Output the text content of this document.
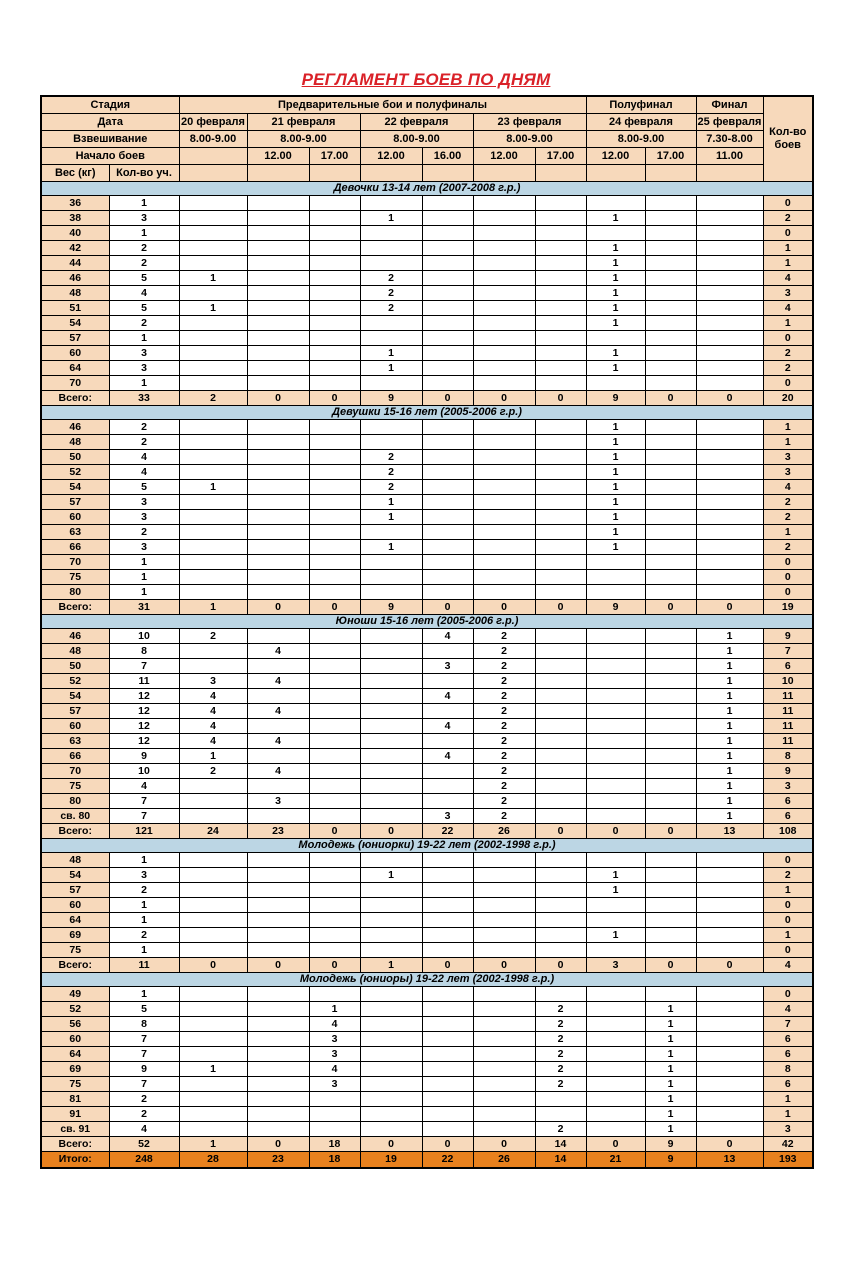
РЕГЛАМЕНТ БОЕВ ПО ДНЯМ
Стадия		Предварительные бои и полуфиналы							Полуфинал		Финал	Кол-во боев
Дата		20 февраля	21 февраля		22 февраля		23 февраля		24 февраля		25 февраля	
Взвешивание		8.00-9.00	8.00-9.00		8.00-9.00		8.00-9.00		8.00-9.00		7.30-8.00	
Начало боев			12.00	17.00	12.00	16.00	12.00	17.00	12.00	17.00	11.00	
Вес (кг)	Кол-во уч.											
Девочки 13-14 лет (2007-2008 г.р.)												
36	1											0
38	3				1				1			2
40	1											0
42	2								1			1
44	2								1			1
46	5	1			2				1			4
48	4				2				1			3
51	5	1			2				1			4
54	2								1			1
57	1											0
60	3				1				1			2
64	3				1				1			2
70	1											0
Всего:	33	2	0	0	9	0	0	0	9	0	0	20
Девушки 15-16 лет (2005-2006 г.р.)												
46	2								1			1
48	2								1			1
50	4				2				1			3
52	4				2				1			3
54	5	1			2				1			4
57	3				1				1			2
60	3				1				1			2
63	2								1			1
66	3				1				1			2
70	1											0
75	1											0
80	1											0
Всего:	31	1	0	0	9	0	0	0	9	0	0	19
Юноши 15-16 лет (2005-2006 г.р.)												
46	10	2				4	2				1	9
48	8		4				2				1	7
50	7					3	2				1	6
52	11	3	4				2				1	10
54	12	4				4	2				1	11
57	12	4	4				2				1	11
60	12	4				4	2				1	11
63	12	4	4				2				1	11
66	9	1				4	2				1	8
70	10	2	4				2				1	9
75	4						2				1	3
80	7		3				2				1	6
св. 80	7					3	2				1	6
Всего:	121	24	23	0	0	22	26	0	0	0	13	108
Молодежь (юниорки) 19-22 лет (2002-1998 г.р.)												
48	1											0
54	3				1				1			2
57	2								1			1
60	1											0
64	1											0
69	2								1			1
75	1											0
Всего:	11	0	0	0	1	0	0	0	3	0	0	4
Молодежь (юниоры) 19-22 лет (2002-1998 г.р.)												
49	1											0
52	5			1				2		1		4
56	8			4				2		1		7
60	7			3				2		1		6
64	7			3				2		1		6
69	9	1		4				2		1		8
75	7			3				2		1		6
81	2									1		1
91	2									1		1
св. 91	4							2		1		3
Всего:	52	1	0	18	0	0	0	14	0	9	0	42
Итого:	248	28	23	18	19	22	26	14	21	9	13	193
